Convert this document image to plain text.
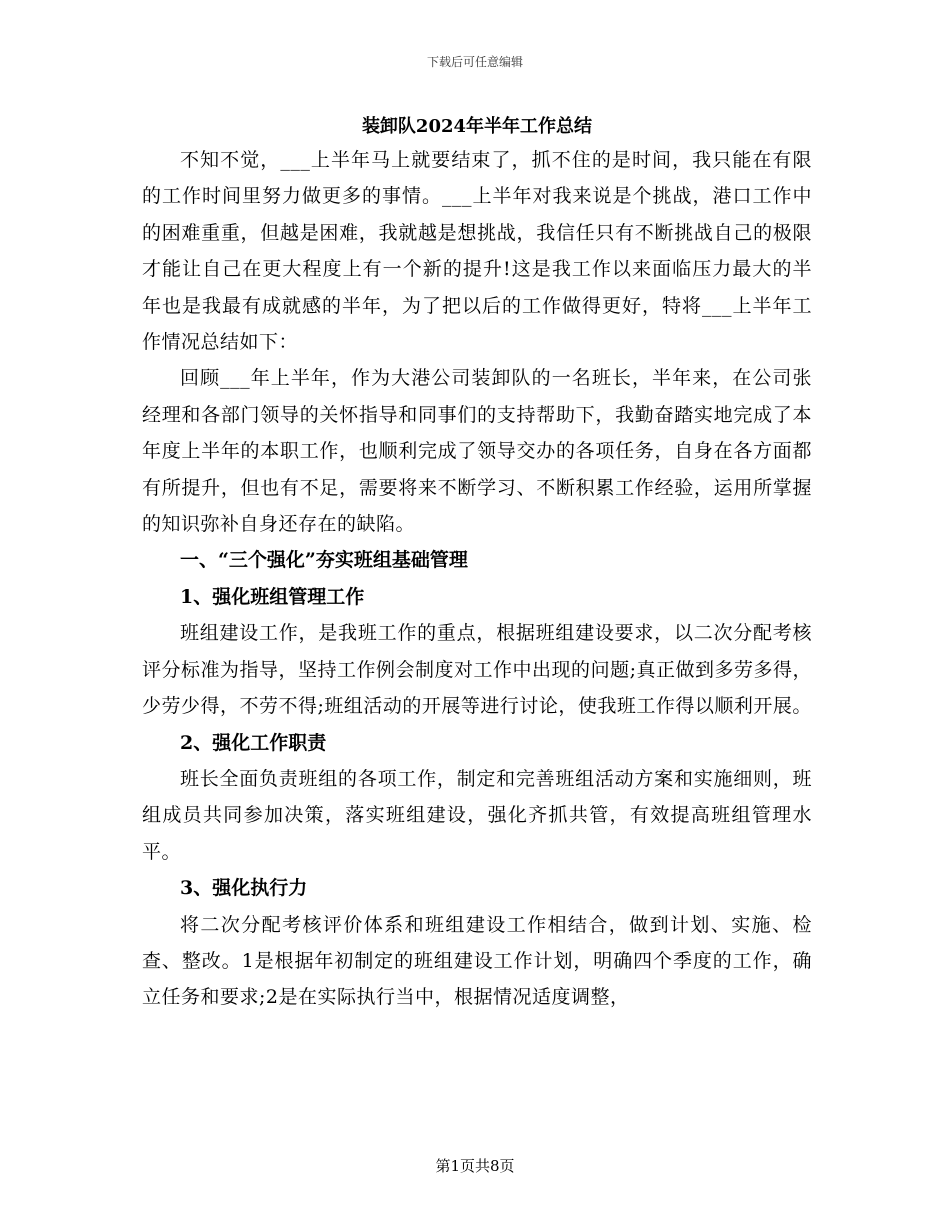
下载后可任意编辑
装卸队2024年半年工作总结

不知不觉，___上半年马上就要结束了，抓不住的是时间，我只能在有限的工作时间里努力做更多的事情。___上半年对我来说是个挑战，港口工作中的困难重重，但越是困难，我就越是想挑战，我信任只有不断挑战自己的极限才能让自己在更大程度上有一个新的提升!这是我工作以来面临压力最大的半年也是我最有成就感的半年，为了把以后的工作做得更好，特将___上半年工作情况总结如下：

回顾___年上半年，作为大港公司装卸队的一名班长，半年来，在公司张经理和各部门领导的关怀指导和同事们的支持帮助下，我勤奋踏实地完成了本年度上半年的本职工作，也顺利完成了领导交办的各项任务，自身在各方面都有所提升，但也有不足，需要将来不断学习、不断积累工作经验，运用所掌握的知识弥补自身还存在的缺陷。

一、“三个强化”夯实班组基础管理

1、强化班组管理工作

班组建设工作，是我班工作的重点，根据班组建设要求，以二次分配考核评分标准为指导，坚持工作例会制度对工作中出现的问题;真正做到多劳多得，少劳少得，不劳不得;班组活动的开展等进行讨论，使我班工作得以顺利开展。

2、强化工作职责

班长全面负责班组的各项工作，制定和完善班组活动方案和实施细则，班组成员共同参加决策，落实班组建设，强化齐抓共管，有效提高班组管理水平。

3、强化执行力

将二次分配考核评价体系和班组建设工作相结合，做到计划、实施、检查、整改。1是根据年初制定的班组建设工作计划，明确四个季度的工作，确立任务和要求;2是在实际执行当中，根据情况适度调整，

第1页共8页
